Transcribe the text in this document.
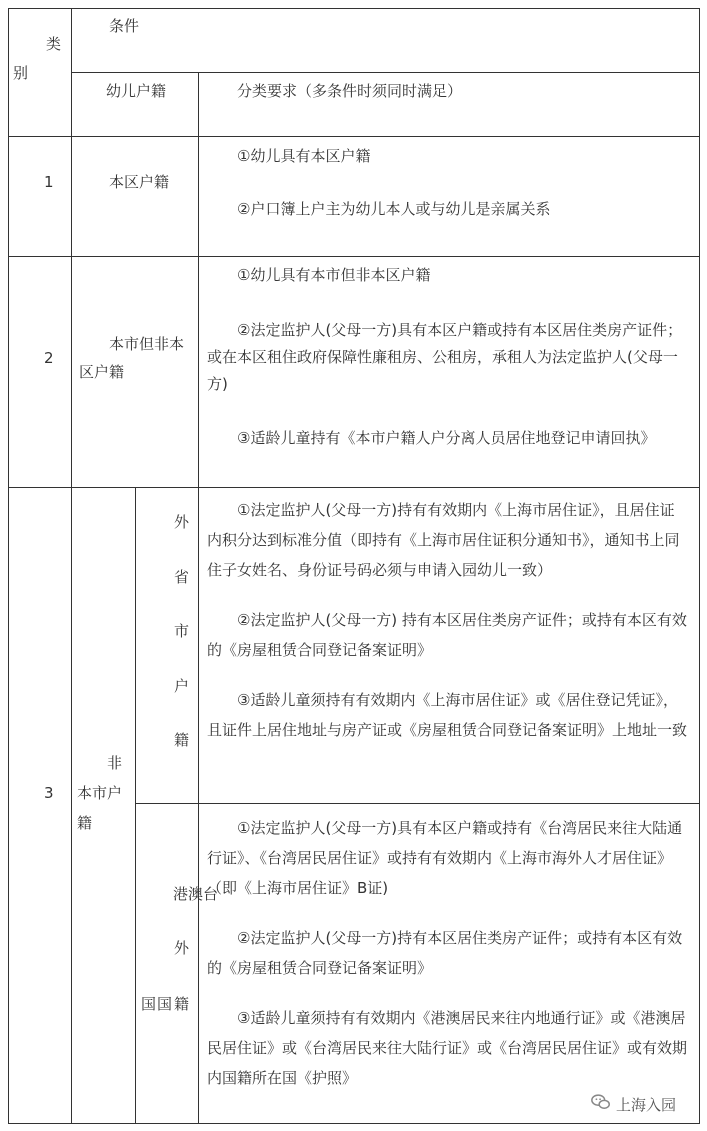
类
别
条件
幼儿户籍	分类要求（多条件时须同时满足）
1	本区户籍
①幼儿具有本区户籍
②户口簿上户主为幼儿本人或与幼儿是亲属关系
2
本市但非本区户籍
①幼儿具有本市但非本区户籍
②法定监护人(父母一方)具有本区户籍或持有本区居住类房产证件；或在本区租住政府保障性廉租房、公租房，承租人为法定监护人(父母一方)
③适龄儿童持有《本市户籍人户分离人员居住地登记申请回执》
3
非本市户籍
外
省
市
户
籍
①法定监护人(父母一方)持有有效期内《上海市居住证》，且居住证内积分达到标准分值（即持有《上海市居住证积分通知书》，通知书上同住子女姓名、身份证号码必须与申请入园幼儿一致）
②法定监护人(父母一方) 持有本区居住类房产证件；或持有本区有效的《房屋租赁合同登记备案证明》
③适龄儿童须持有有效期内《上海市居住证》或《居住登记凭证》，且证件上居住地址与房产证或《房屋租赁合同登记备案证明》上地址一致
港澳台
外
国 国 籍
①法定监护人(父母一方)具有本区户籍或持有《台湾居民来往大陆通行证》、《台湾居民居住证》或持有有效期内《上海市海外人才居住证》（即《上海市居住证》B证)
②法定监护人(父母一方)持有本区居住类房产证件；或持有本区有效的《房屋租赁合同登记备案证明》
③适龄儿童须持有有效期内《港澳居民来往内地通行证》或《港澳居民居住证》或《台湾居民来往大陆行证》或《台湾居民居住证》或有效期内国籍所在国《护照》
上海入园
